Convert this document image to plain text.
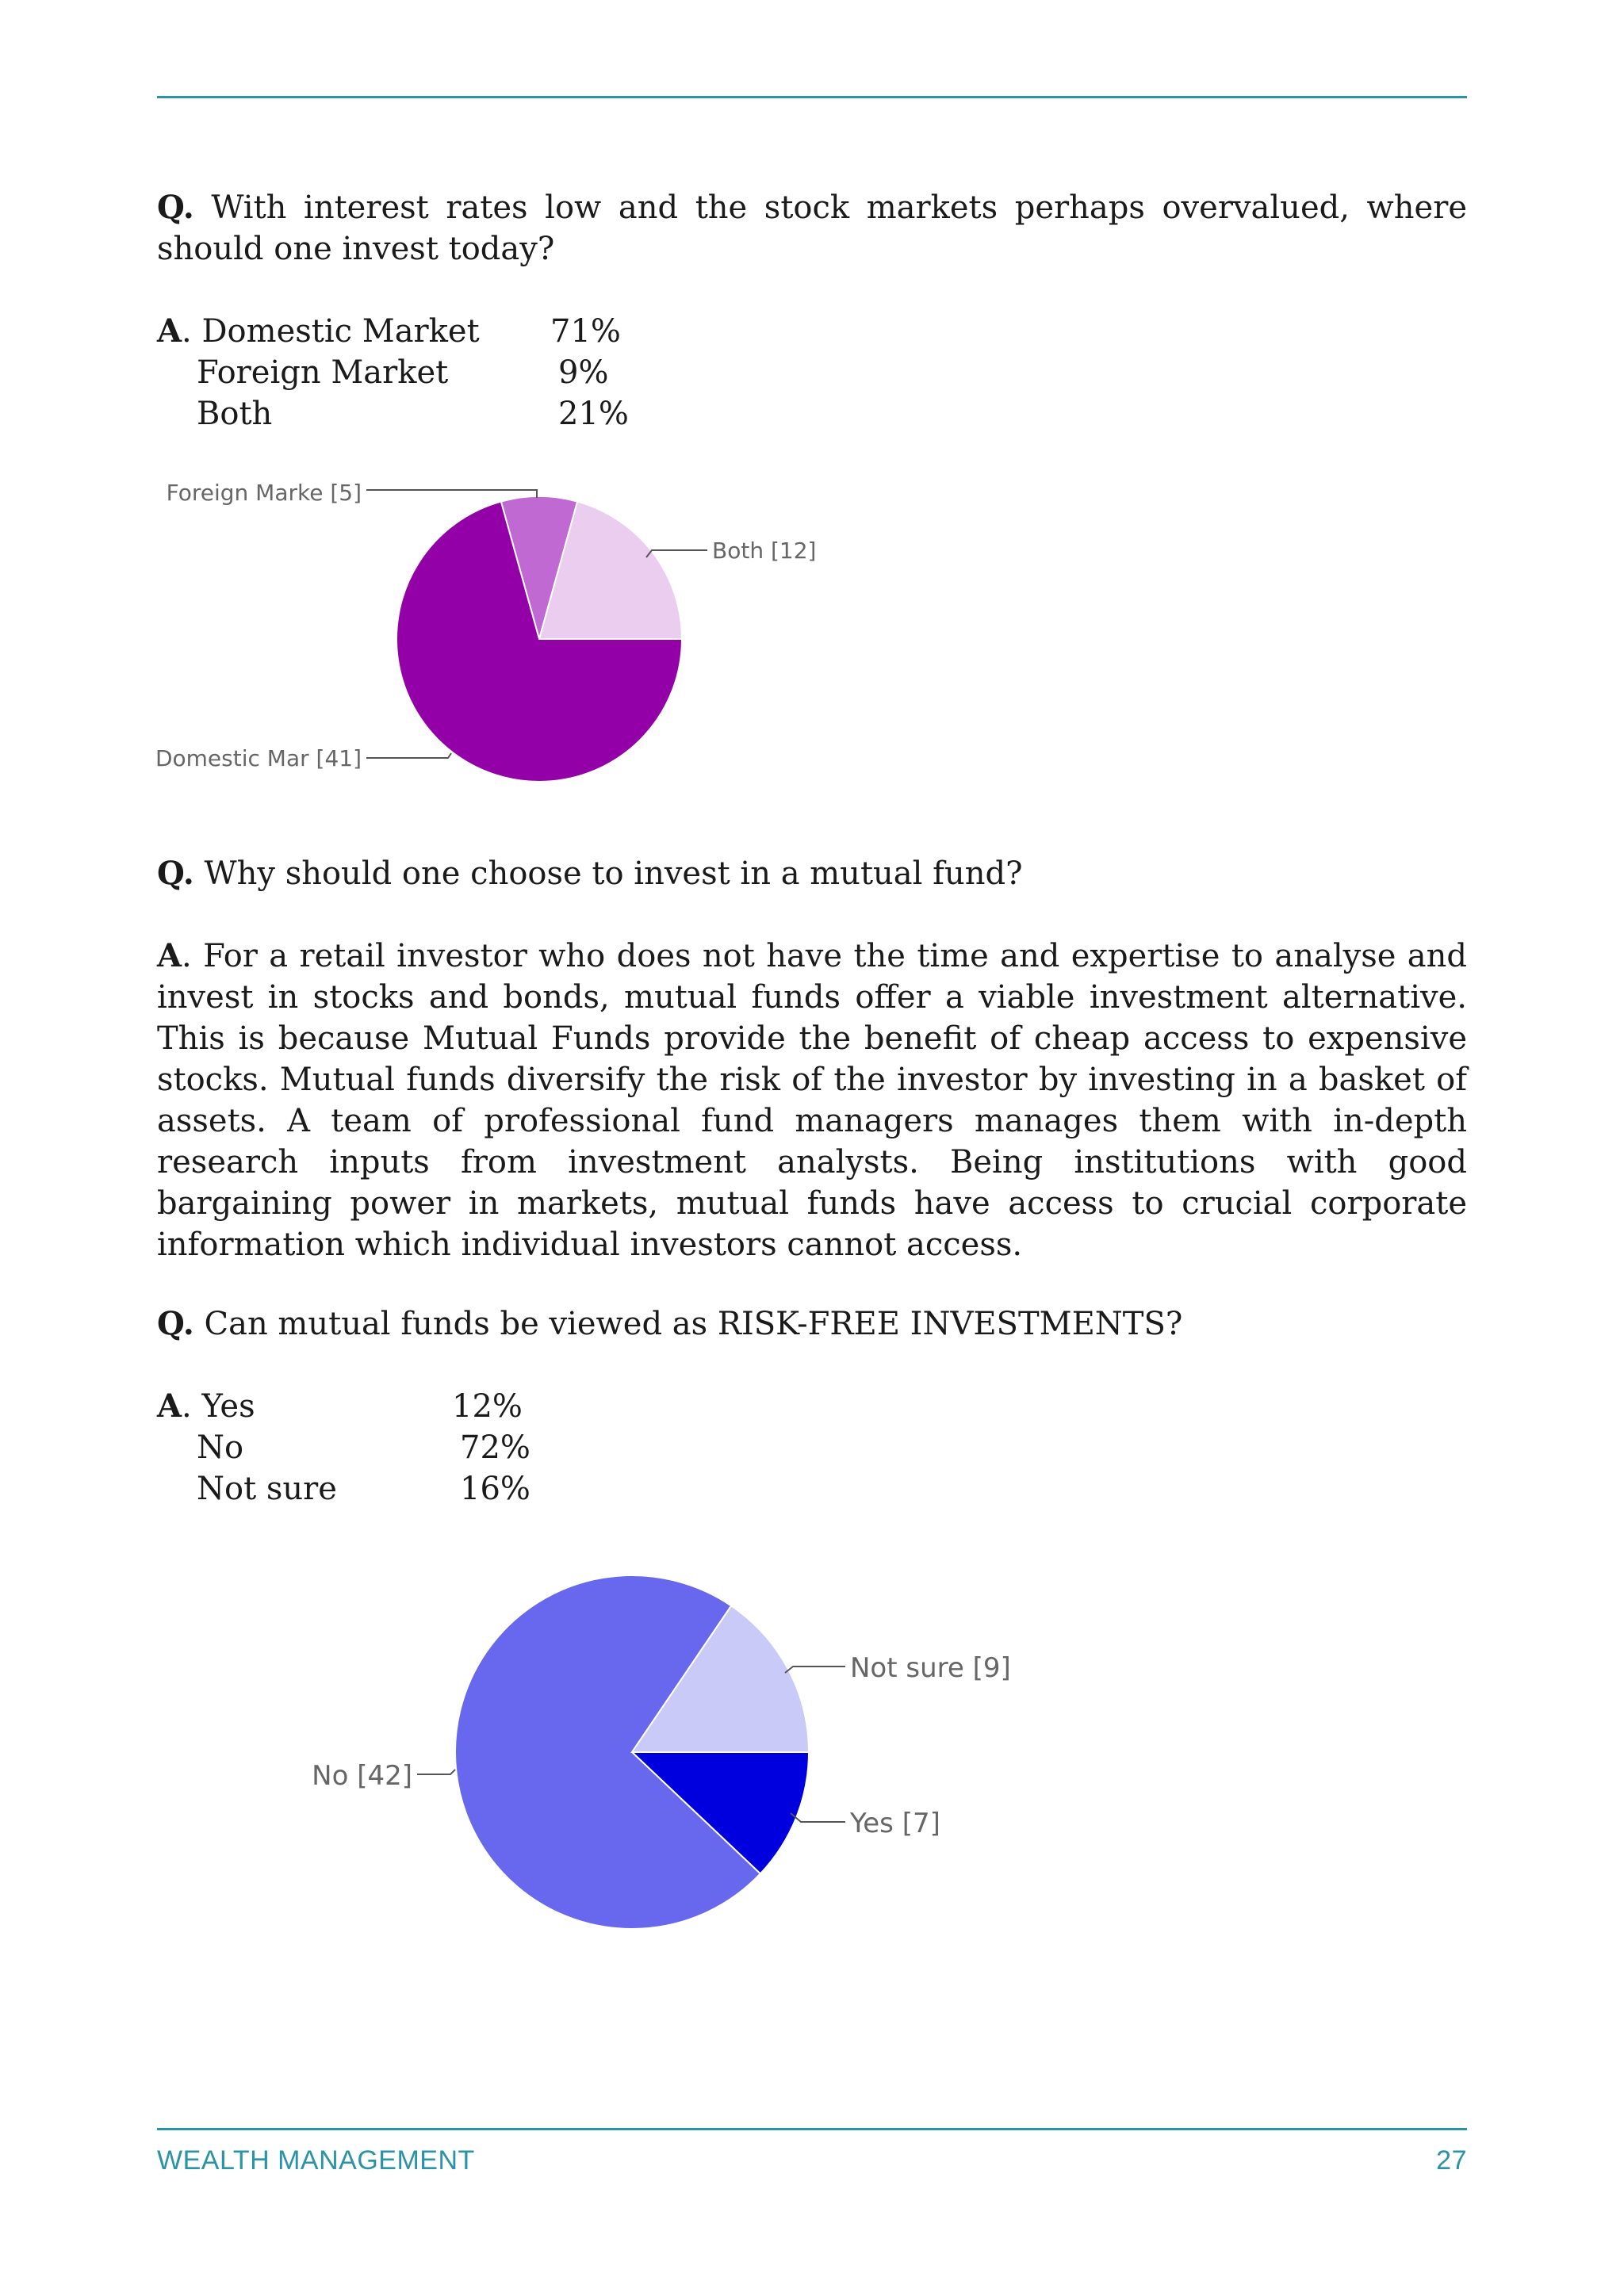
Q. With interest rates low and the stock markets perhaps overvalued, where should one invest today?
A. Domestic Market 71%
Foreign Market	9%
Both	21%
Foreign Marke [5]
Both [12]
Domestic Mar [41]
Q. Why should one choose to invest in a mutual fund?
A. For a retail investor who does not have the time and expertise to analyse and invest in stocks and bonds, mutual funds offer a viable investment alternative. This is because Mutual Funds provide the benefit of cheap access to expensive stocks. Mutual funds diversify the risk of the investor by investing in a basket of assets. A team of professional fund managers manages them with in-depth research inputs from investment analysts. Being institutions with good bargaining power in markets, mutual funds have access to crucial corporate information which individual investors cannot access.
Q. Can mutual funds be viewed as RISK-FREE INVESTMENTS?
A. Yes	12%
No	72%
Not sure	16%
Not sure [9]
Yes [7]
No [42]
WEALTH MANAGEMENT	27
